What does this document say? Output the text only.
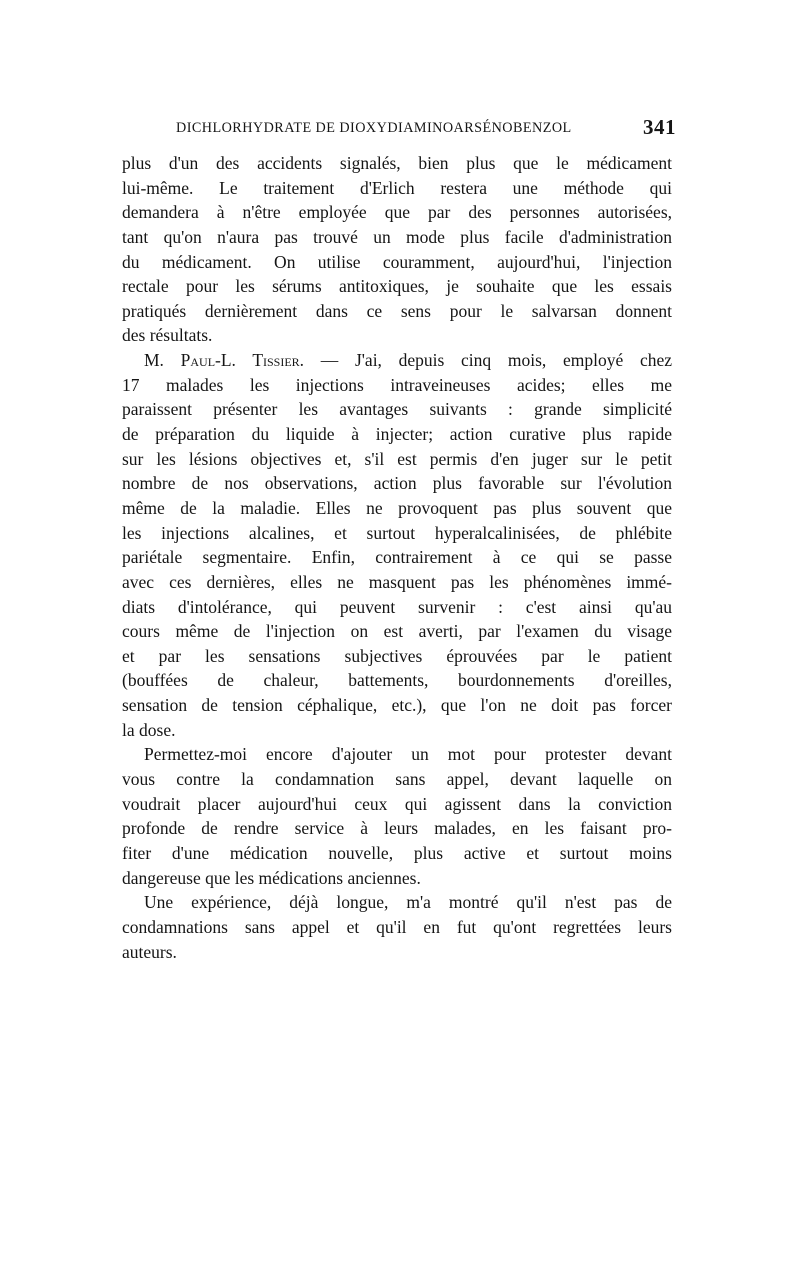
DICHLORHYDRATE DE DIOXYDIAMINOARSÉNOBENZOL	341
plus d'un des accidents signalés, bien plus que le médicament
lui-même. Le traitement d'Erlich restera une méthode qui
demandera à n'être employée que par des personnes autorisées,
tant qu'on n'aura pas trouvé un mode plus facile d'administration
du médicament. On utilise couramment, aujourd'hui, l'injection
rectale pour les sérums antitoxiques, je souhaite que les essais
pratiqués dernièrement dans ce sens pour le salvarsan donnent
des résultats.
M. Paul-L. Tissier. — J'ai, depuis cinq mois, employé chez
17 malades les injections intraveineuses acides; elles me
paraissent présenter les avantages suivants : grande simplicité
de préparation du liquide à injecter; action curative plus rapide
sur les lésions objectives et, s'il est permis d'en juger sur le petit
nombre de nos observations, action plus favorable sur l'évolution
même de la maladie. Elles ne provoquent pas plus souvent que
les injections alcalines, et surtout hyperalcalinisées, de phlébite
pariétale segmentaire. Enfin, contrairement à ce qui se passe
avec ces dernières, elles ne masquent pas les phénomènes immé-
diats d'intolérance, qui peuvent survenir : c'est ainsi qu'au
cours même de l'injection on est averti, par l'examen du visage
et par les sensations subjectives éprouvées par le patient
(bouffées de chaleur, battements, bourdonnements d'oreilles,
sensation de tension céphalique, etc.), que l'on ne doit pas forcer
la dose.
Permettez-moi encore d'ajouter un mot pour protester devant
vous contre la condamnation sans appel, devant laquelle on
voudrait placer aujourd'hui ceux qui agissent dans la conviction
profonde de rendre service à leurs malades, en les faisant pro-
fiter d'une médication nouvelle, plus active et surtout moins
dangereuse que les médications anciennes.
Une expérience, déjà longue, m'a montré qu'il n'est pas de
condamnations sans appel et qu'il en fut qu'ont regrettées leurs
auteurs.
